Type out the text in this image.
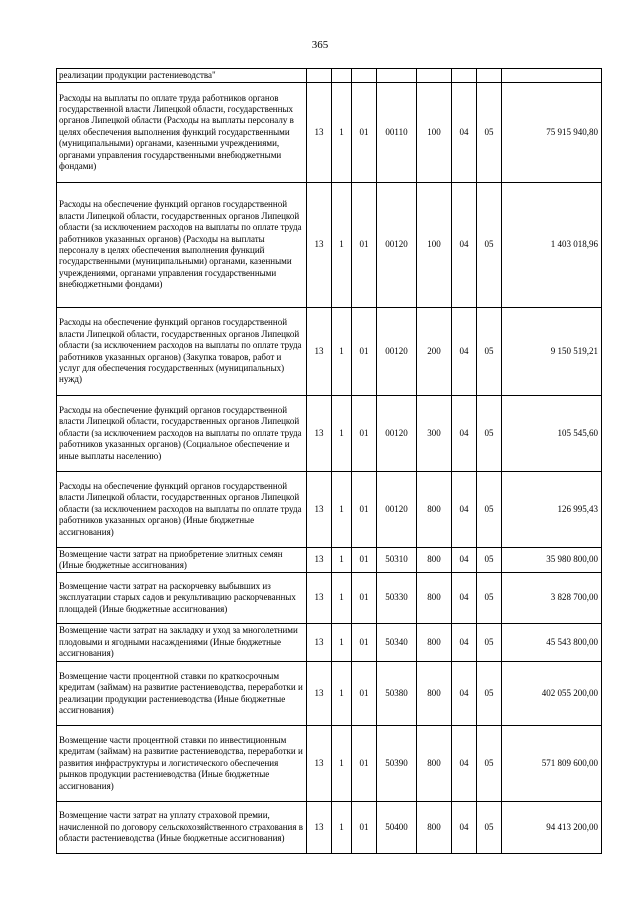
365
реализации продукции растениеводства"								
Расходы на выплаты по оплате труда работников органов государственной власти Липецкой области, государственных органов Липецкой области (Расходы на выплаты персоналу в целях обеспечения выполнения функций государственными (муниципальными) органами, казенными учреждениями, органами управления государственными внебюджетными фондами)	13	1	01	00110	100	04	05	75 915 940,80
Расходы на обеспечение функций органов государственной власти Липецкой области, государственных органов Липецкой области (за исключением расходов на выплаты по оплате труда работников указанных органов) (Расходы на выплаты персоналу в целях обеспечения выполнения функций государственными (муниципальными) органами, казенными учреждениями, органами управления государственными внебюджетными фондами)	13	1	01	00120	100	04	05	1 403 018,96
Расходы на обеспечение функций органов государственной власти Липецкой области, государственных органов Липецкой области (за исключением расходов на выплаты по оплате труда работников указанных органов) (Закупка товаров, работ и услуг для обеспечения государственных (муниципальных) нужд)	13	1	01	00120	200	04	05	9 150 519,21
Расходы на обеспечение функций органов государственной власти Липецкой области, государственных органов Липецкой области (за исключением расходов на выплаты по оплате труда работников указанных органов) (Социальное обеспечение и иные выплаты населению)	13	1	01	00120	300	04	05	105 545,60
Расходы на обеспечение функций органов государственной власти Липецкой области, государственных органов Липецкой области (за исключением расходов на выплаты по оплате труда работников указанных органов) (Иные бюджетные ассигнования)	13	1	01	00120	800	04	05	126 995,43
Возмещение части затрат на приобретение элитных семян (Иные бюджетные ассигнования)	13	1	01	50310	800	04	05	35 980 800,00
Возмещение части затрат на раскорчевку выбывших из эксплуатации старых садов и рекультивацию раскорчеванных площадей (Иные бюджетные ассигнования)	13	1	01	50330	800	04	05	3 828 700,00
Возмещение части затрат на закладку и уход за многолетними плодовыми и ягодными насаждениями (Иные бюджетные ассигнования)	13	1	01	50340	800	04	05	45 543 800,00
Возмещение части процентной ставки по краткосрочным кредитам (займам) на развитие растениеводства, переработки и реализации продукции растениеводства (Иные бюджетные ассигнования)	13	1	01	50380	800	04	05	402 055 200,00
Возмещение части процентной ставки по инвестиционным кредитам (займам) на развитие растениеводства, переработки и развития инфраструктуры и логистического обеспечения рынков продукции растениеводства (Иные бюджетные ассигнования)	13	1	01	50390	800	04	05	571 809 600,00
Возмещение части затрат на уплату страховой премии, начисленной по договору сельскохозяйственного страхования в области растениеводства (Иные бюджетные ассигнования)	13	1	01	50400	800	04	05	94 413 200,00
